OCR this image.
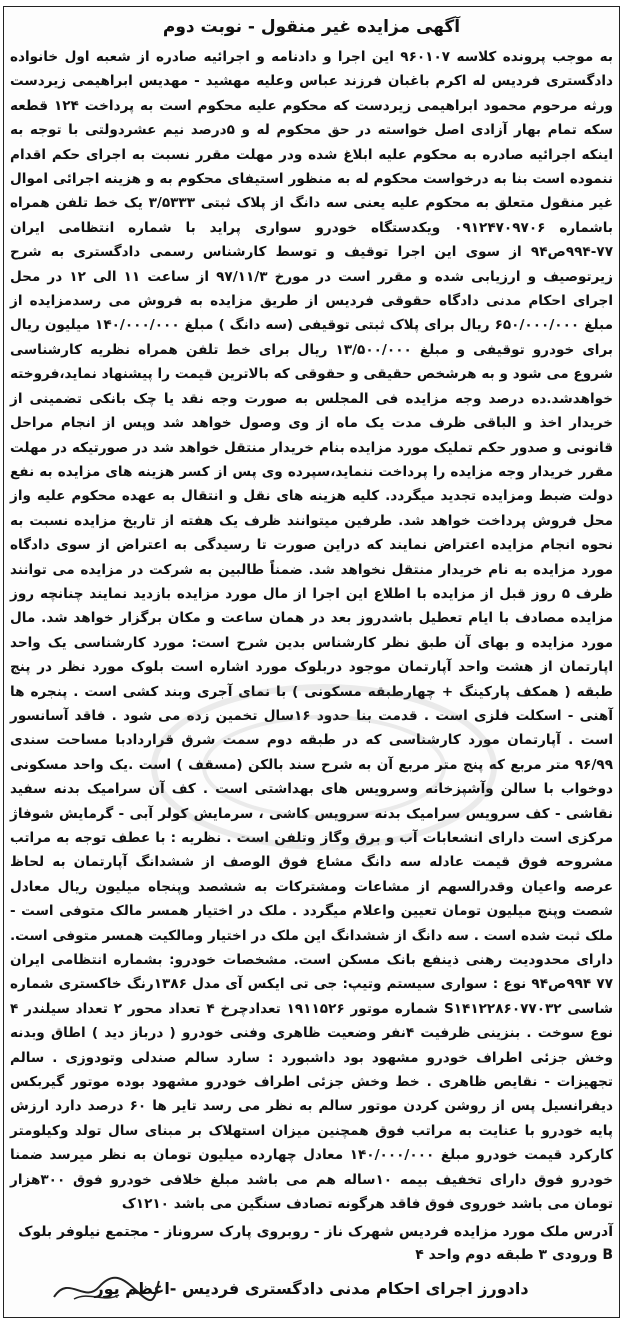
آگهی مزایده غیر منقول - نوبت دوم

به موجب پرونده کلاسه ۹۶۰۱۰۷ این اجرا و دادنامه و اجرائیه صادره از شعبه اول خانواده دادگستری فردیس له اکرم باغبان فرزند عباس وعلیه مهشید - مهدیس ابراهیمی زیردست ورثه مرحوم محمود ابراهیمی زیردست که محکوم علیه محکوم است به پرداخت ۱۲۴ قطعه سکه تمام بهار آزادی اصل خواسته در حق محکوم له و ۵درصد نیم عشردولتی با توجه به اینکه اجرائیه صادره به محکوم علیه ابلاغ شده ودر مهلت مقرر نسبت به اجرای حکم اقدام ننموده است بنا به درخواست محکوم له به منظور استیفای محکوم به و هزینه اجرائی اموال غیر منقول متعلق به محکوم علیه یعنی سه دانگ از پلاک ثبتی ۳/۵۳۳۳ یک خط تلفن همراه باشماره ۰۹۱۲۴۷۰۹۷۰۶ ویکدستگاه خودرو سواری پراید با شماره انتظامی ایران ۷۷-۹۹۴ص۹۴ از سوی این اجرا توقیف و توسط کارشناس رسمی دادگستری به شرح زیرتوصیف و ارزیابی شده و مقرر است در مورخ ۹۷/۱۱/۳ از ساعت ۱۱ الی ۱۲ در محل اجرای احکام مدنی دادگاه حقوقی فردیس از طریق مزایده به فروش می رسدمزایده از مبلغ ۶۵۰/۰۰۰/۰۰۰ ریال برای پلاک ثبتی توقیفی (سه دانگ ) مبلغ ۱۴۰/۰۰۰/۰۰۰ میلیون ریال برای خودرو توقیفی و مبلغ ۱۳/۵۰۰/۰۰۰ ریال برای خط تلفن همراه نظریه کارشناسی شروع می شود و به هرشخص حقیقی و حقوقی که بالاترین قیمت را پیشنهاد نماید،فروخته خواهدشد.ده درصد وجه مزایده فی المجلس به صورت وجه نقد یا چک بانکی تضمینی از خریدار اخذ و الباقی ظرف مدت یک ماه از وی وصول خواهد شد وپس از انجام مراحل قانونی و صدور حکم تملیک مورد مزایده بنام خریدار منتقل خواهد شد در صورتیکه در مهلت مقرر خریدار وجه مزایده را پرداخت ننماید،سپرده وی پس از کسر هزینه های مزایده به نفع دولت ضبط ومزایده تجدید میگردد. کلیه هزینه های نقل و انتقال به عهده محکوم علیه واز محل فروش پرداخت خواهد شد. طرفین میتوانند ظرف یک هفته از تاریخ مزایده نسبت به نحوه انجام مزایده اعتراض نمایند که دراین صورت تا رسیدگی به اعتراض از سوی دادگاه مورد مزایده به نام خریدار منتقل نخواهد شد. ضمناً طالبین به شرکت در مزایده می توانند ظرف ۵ روز قبل از مزایده با اطلاع این اجرا از مال مورد مزایده بازدید نمایند چنانچه روز مزایده مصادف با ایام تعطیل باشدروز بعد در همان ساعت و مکان برگزار خواهد شد. مال مورد مزایده و بهای آن طبق نظر کارشناس بدین شرح است: مورد کارشناسی یک واحد اپارتمان از هشت واحد آپارتمان موجود دربلوک مورد اشاره است بلوک مورد نظر در پنج طبقه ( همکف پارکینگ + چهارطبقه مسکونی ) با نمای آجری وبند کشی است . پنجره ها آهنی - اسکلت فلزی است . قدمت بنا حدود ۱۶سال تخمین زده می شود . فاقد آسانسور است . آپارتمان مورد کارشناسی که در طبقه دوم سمت شرق قراردادبا مساحت سندی ۹۶/۹۹ متر مربع که پنج متر مربع آن به شرح سند بالکن (مسقف ) است .یک واحد مسکونی دوخواب با سالن وآشپزخانه وسرویس های بهداشتی است . کف آن سرامیک بدنه سفید نقاشی - کف سرویس سرامیک بدنه سرویس کاشی ، سرمایش کولر آبی - گرمایش شوفاژ مرکزی است دارای انشعابات آب و برق وگاز وتلفن است . نظریه : با عطف توجه به مراتب مشروحه فوق قیمت عادله سه دانگ مشاع فوق الوصف از ششدانگ آپارتمان به لحاظ عرصه واعیان وقدرالسهم از مشاعات ومشترکات به ششصد وپنجاه میلیون ریال معادل شصت وپنج میلیون تومان تعیین واعلام میگردد . ملک در اختیار همسر مالک متوفی است - ملک ثبت شده است . سه دانگ از ششدانگ این ملک در اختیار ومالکیت همسر متوفی است. دارای محدودیت رهنی ذینفع بانک مسکن است. مشخصات خودرو: بشماره انتظامی ایران ۷۷ ۹۹۴ص۹۴ نوع : سواری سیستم وتیپ: جی تی ایکس آی مدل ۱۳۸۶رنگ خاکستری شماره شاسی S۱۴۱۲۲۸۶۰۷۷۰۳۲ شماره موتور ۱۹۱۱۵۲۶ تعدادچرخ ۴ تعداد محور ۲ تعداد سیلندر ۴ نوع سوخت . بنزینی ظرفیت ۴نفر وضعیت ظاهری وفنی خودرو ( درباز دید ) اطاق وبدنه وخش جزئی اطراف خودرو مشهود بود داشبورد : سارد سالم صندلی وتودوزی . سالم تجهیزات - نقایص ظاهری . خط وخش جزئی اطراف خودرو مشهود بوده موتور گیربکس دیفرانسیل پس از روشن کردن موتور سالم به نظر می رسد تایر ها ۶۰ درصد دارد ارزش پایه خودرو با عنایت به مراتب فوق همچنین میزان استهلاک بر مبنای سال تولد وکیلومتر کارکرد قیمت خودرو مبلغ ۱۴۰/۰۰۰/۰۰۰ معادل چهارده میلیون تومان به نظر میرسد ضمنا خودرو فوق دارای تخفیف بیمه ۱۰ساله هم می باشد مبلغ خلافی خودرو فوق ۳۰۰هزار تومان می باشد خوروی فوق فاقد هرگونه تصادف سنگین می باشد ۱۲۱۰ک

آدرس ملک مورد مزایده فردیس شهرک ناز - روبروی پارک سروناز - مجتمع نیلوفر بلوک B ورودی ۳ طبقه دوم واحد ۴
دادورز اجرای احکام مدنی دادگستری فردیس -اعظم پور
